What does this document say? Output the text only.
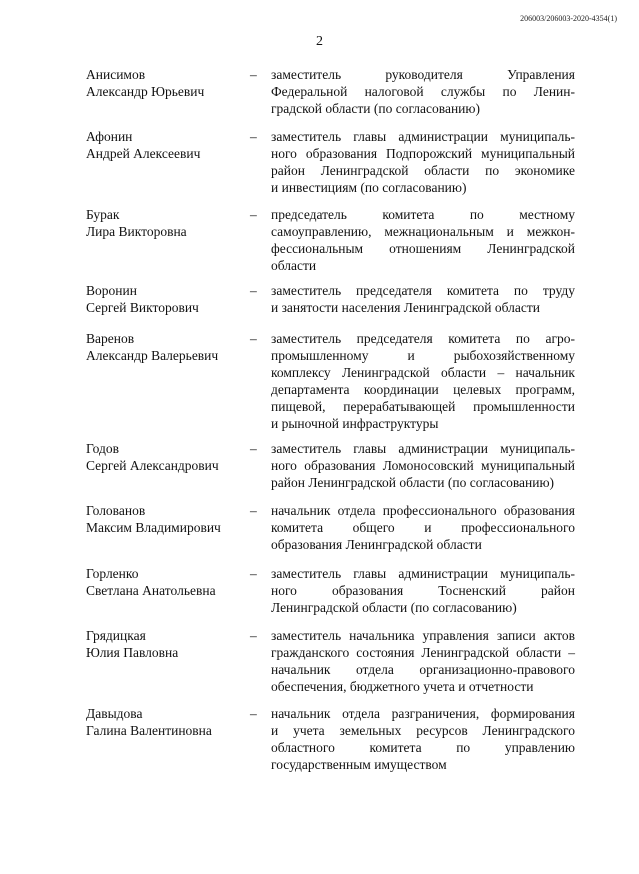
206003/206003-2020-4354(1)
2
Анисимов
Александр Юрьевич
– заместитель руководителя Управления
Федеральной налоговой службы по Ленин-
градской области (по согласованию)
Афонин
Андрей Алексеевич
– заместитель главы администрации муниципаль-
ного образования Подпорожский муниципальный
район Ленинградской области по экономике
и инвестициям (по согласованию)
Бурак
Лира Викторовна
– председатель комитета по местному
самоуправлению, межнациональным и межкон-
фессиональным отношениям Ленинградской
области
Воронин
Сергей Викторович
– заместитель председателя комитета по труду
и занятости населения Ленинградской области
Варенов
Александр Валерьевич
– заместитель председателя комитета по агро-
промышленному и рыбохозяйственному
комплексу Ленинградской области – начальник
департамента координации целевых программ,
пищевой, перерабатывающей промышленности
и рыночной инфраструктуры
Годов
Сергей Александрович
– заместитель главы администрации муниципаль-
ного образования Ломоносовский муниципальный
район Ленинградской области (по согласованию)
Голованов
Максим Владимирович
– начальник отдела профессионального образования
комитета общего и профессионального
образования Ленинградской области
Горленко
Светлана Анатольевна
– заместитель главы администрации муниципаль-
ного образования Тосненский район
Ленинградской области (по согласованию)
Грядицкая
Юлия Павловна
– заместитель начальника управления записи актов
гражданского состояния Ленинградской области –
начальник отдела организационно-правового
обеспечения, бюджетного учета и отчетности
Давыдова
Галина Валентиновна
– начальник отдела разграничения, формирования
и учета земельных ресурсов Ленинградского
областного комитета по управлению
государственным имуществом
